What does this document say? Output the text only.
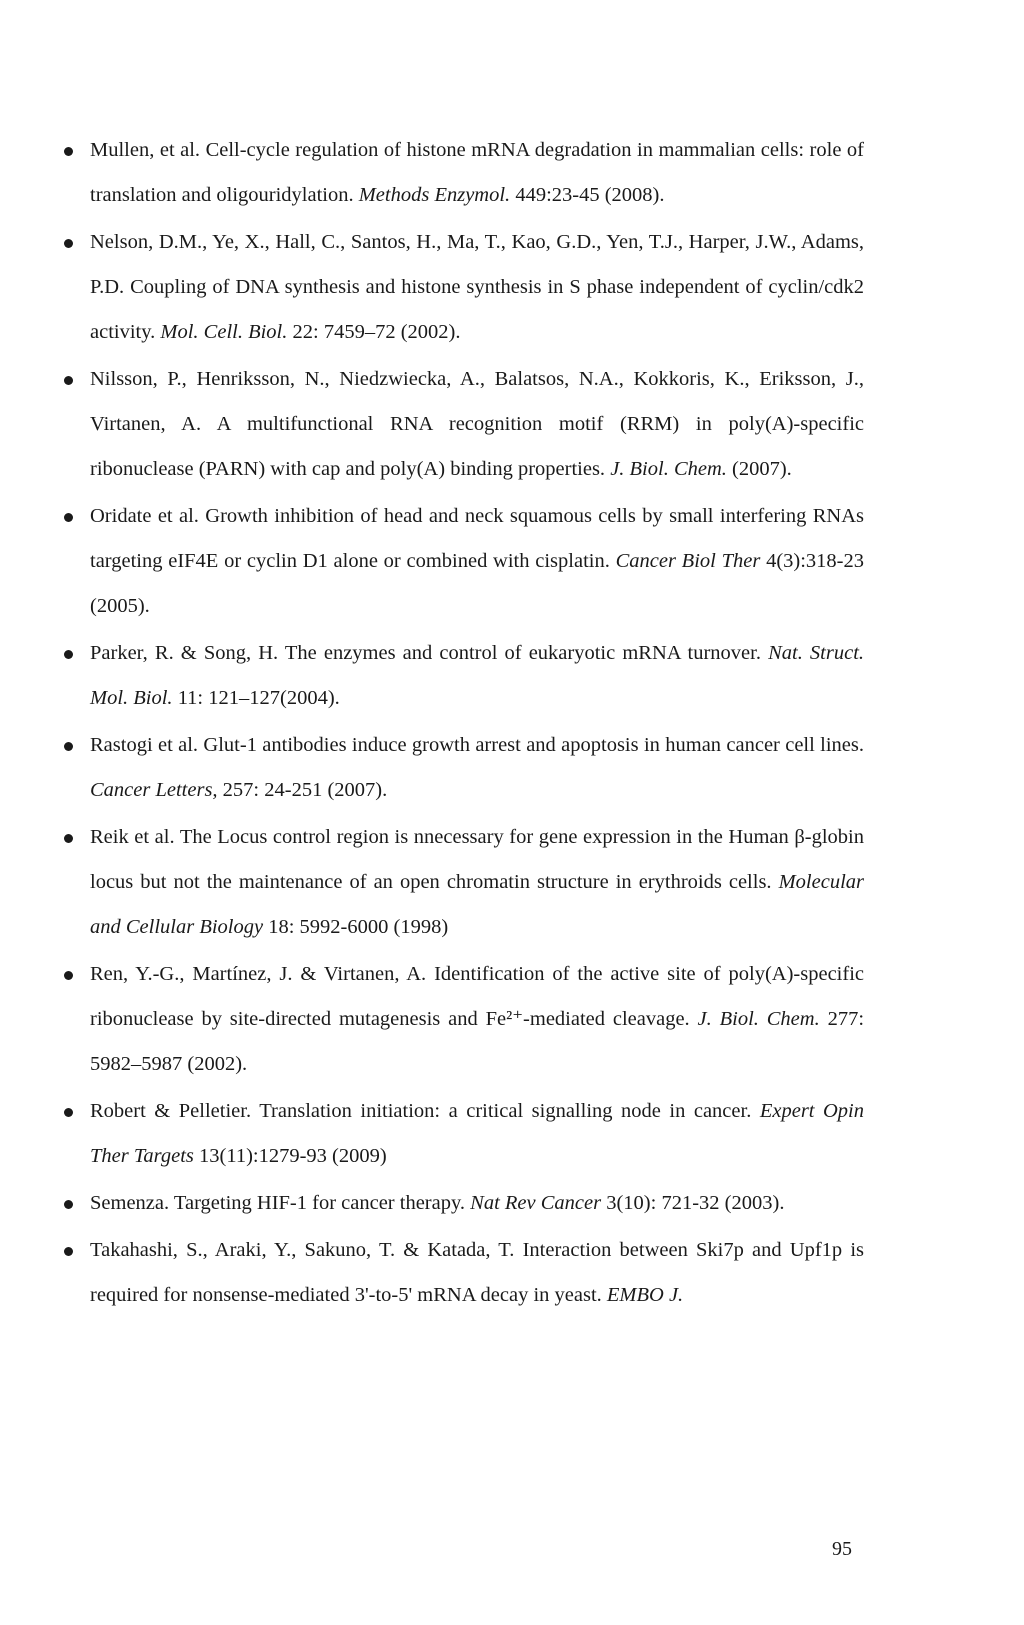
Mullen, et al. Cell-cycle regulation of histone mRNA degradation in mammalian cells: role of translation and oligouridylation. Methods Enzymol. 449:23-45 (2008).
Nelson, D.M., Ye, X., Hall, C., Santos, H., Ma, T., Kao, G.D., Yen, T.J., Harper, J.W., Adams, P.D. Coupling of DNA synthesis and histone synthesis in S phase independent of cyclin/cdk2 activity. Mol. Cell. Biol. 22: 7459–72 (2002).
Nilsson, P., Henriksson, N., Niedzwiecka, A., Balatsos, N.A., Kokkoris, K., Eriksson, J., Virtanen, A. A multifunctional RNA recognition motif (RRM) in poly(A)-specific ribonuclease (PARN) with cap and poly(A) binding properties. J. Biol. Chem. (2007).
Oridate et al. Growth inhibition of head and neck squamous cells by small interfering RNAs targeting eIF4E or cyclin D1 alone or combined with cisplatin. Cancer Biol Ther 4(3):318-23 (2005).
Parker, R. & Song, H. The enzymes and control of eukaryotic mRNA turnover. Nat. Struct. Mol. Biol. 11: 121–127(2004).
Rastogi et al. Glut-1 antibodies induce growth arrest and apoptosis in human cancer cell lines. Cancer Letters, 257: 24-251 (2007).
Reik et al. The Locus control region is nnecessary for gene expression in the Human β-globin locus but not the maintenance of an open chromatin structure in erythroids cells. Molecular and Cellular Biology 18: 5992-6000 (1998)
Ren, Y.-G., Martínez, J. & Virtanen, A. Identification of the active site of poly(A)-specific ribonuclease by site-directed mutagenesis and Fe²⁺-mediated cleavage. J. Biol. Chem. 277: 5982–5987 (2002).
Robert & Pelletier. Translation initiation: a critical signalling node in cancer. Expert Opin Ther Targets 13(11):1279-93 (2009)
Semenza. Targeting HIF-1 for cancer therapy. Nat Rev Cancer 3(10): 721-32 (2003).
Takahashi, S., Araki, Y., Sakuno, T. & Katada, T. Interaction between Ski7p and Upf1p is required for nonsense-mediated 3'-to-5' mRNA decay in yeast. EMBO J.
95
